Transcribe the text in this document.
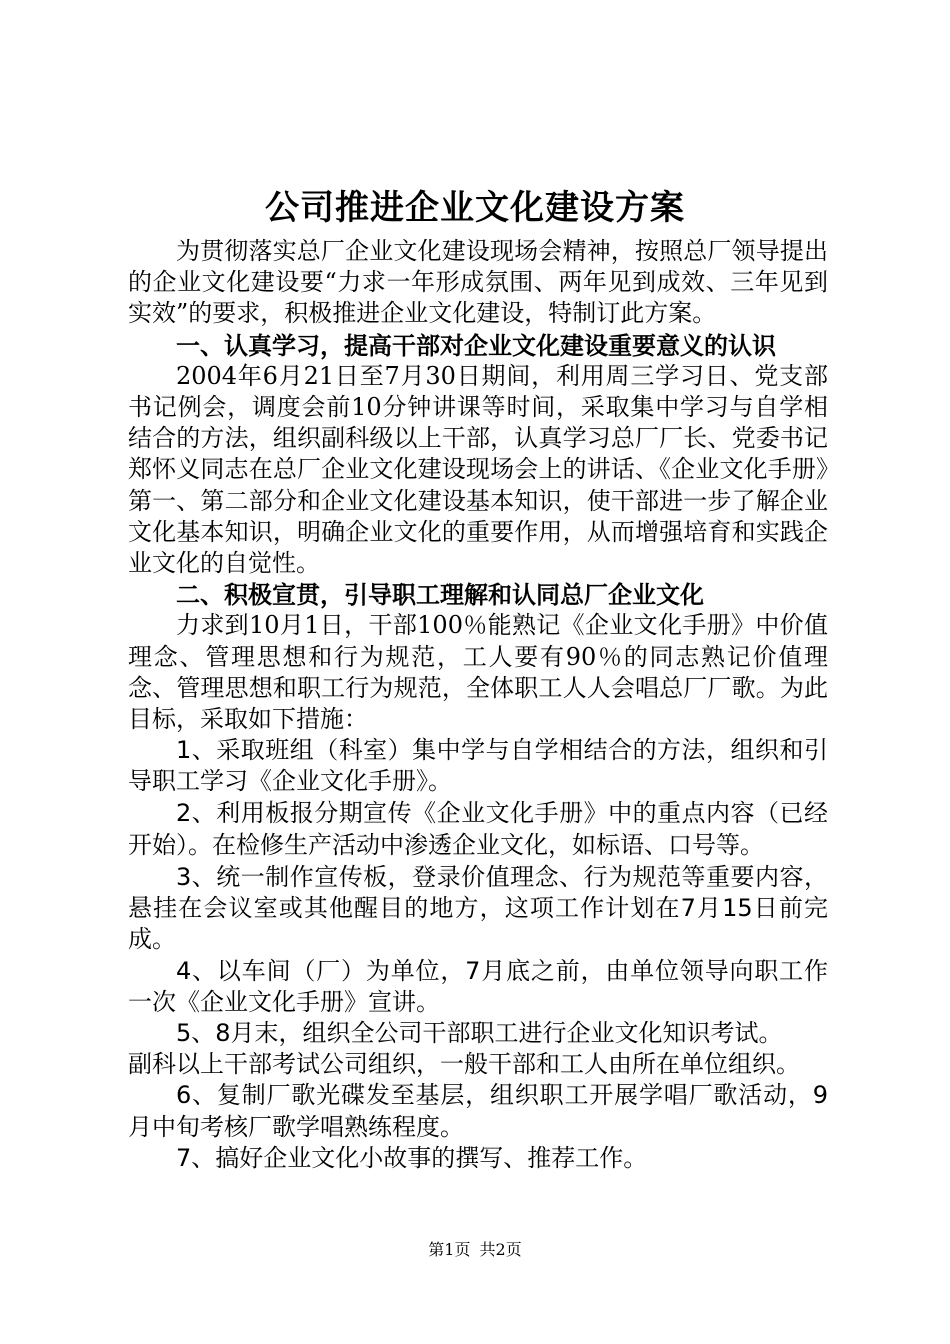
公司推进企业文化建设方案

为贯彻落实总厂企业文化建设现场会精神，按照总厂领导提出的企业文化建设要“力求一年形成氛围、两年见到成效、三年见到实效”的要求，积极推进企业文化建设，特制订此方案。

一、认真学习，提高干部对企业文化建设重要意义的认识

2004年6月21日至7月30日期间，利用周三学习日、党支部书记例会，调度会前10分钟讲课等时间，采取集中学习与自学相结合的方法，组织副科级以上干部，认真学习总厂厂长、党委书记郑怀义同志在总厂企业文化建设现场会上的讲话、《企业文化手册》第一、第二部分和企业文化建设基本知识，使干部进一步了解企业文化基本知识，明确企业文化的重要作用，从而增强培育和实践企业文化的自觉性。

二、积极宣贯，引导职工理解和认同总厂企业文化

力求到10月1日，干部100％能熟记《企业文化手册》中价值理念、管理思想和行为规范，工人要有90％的同志熟记价值理念、管理思想和职工行为规范，全体职工人人会唱总厂厂歌。为此目标，采取如下措施：

1、采取班组（科室）集中学与自学相结合的方法，组织和引导职工学习《企业文化手册》。

2、利用板报分期宣传《企业文化手册》中的重点内容（已经开始）。在检修生产活动中渗透企业文化，如标语、口号等。

3、统一制作宣传板，登录价值理念、行为规范等重要内容，悬挂在会议室或其他醒目的地方，这项工作计划在7月15日前完成。

4、以车间（厂）为单位，7月底之前，由单位领导向职工作一次《企业文化手册》宣讲。

5、8月末，组织全公司干部职工进行企业文化知识考试。

副科以上干部考试公司组织，一般干部和工人由所在单位组织。

6、复制厂歌光碟发至基层，组织职工开展学唱厂歌活动，9月中旬考核厂歌学唱熟练程度。

7、搞好企业文化小故事的撰写、推荐工作。

第1页 共2页
